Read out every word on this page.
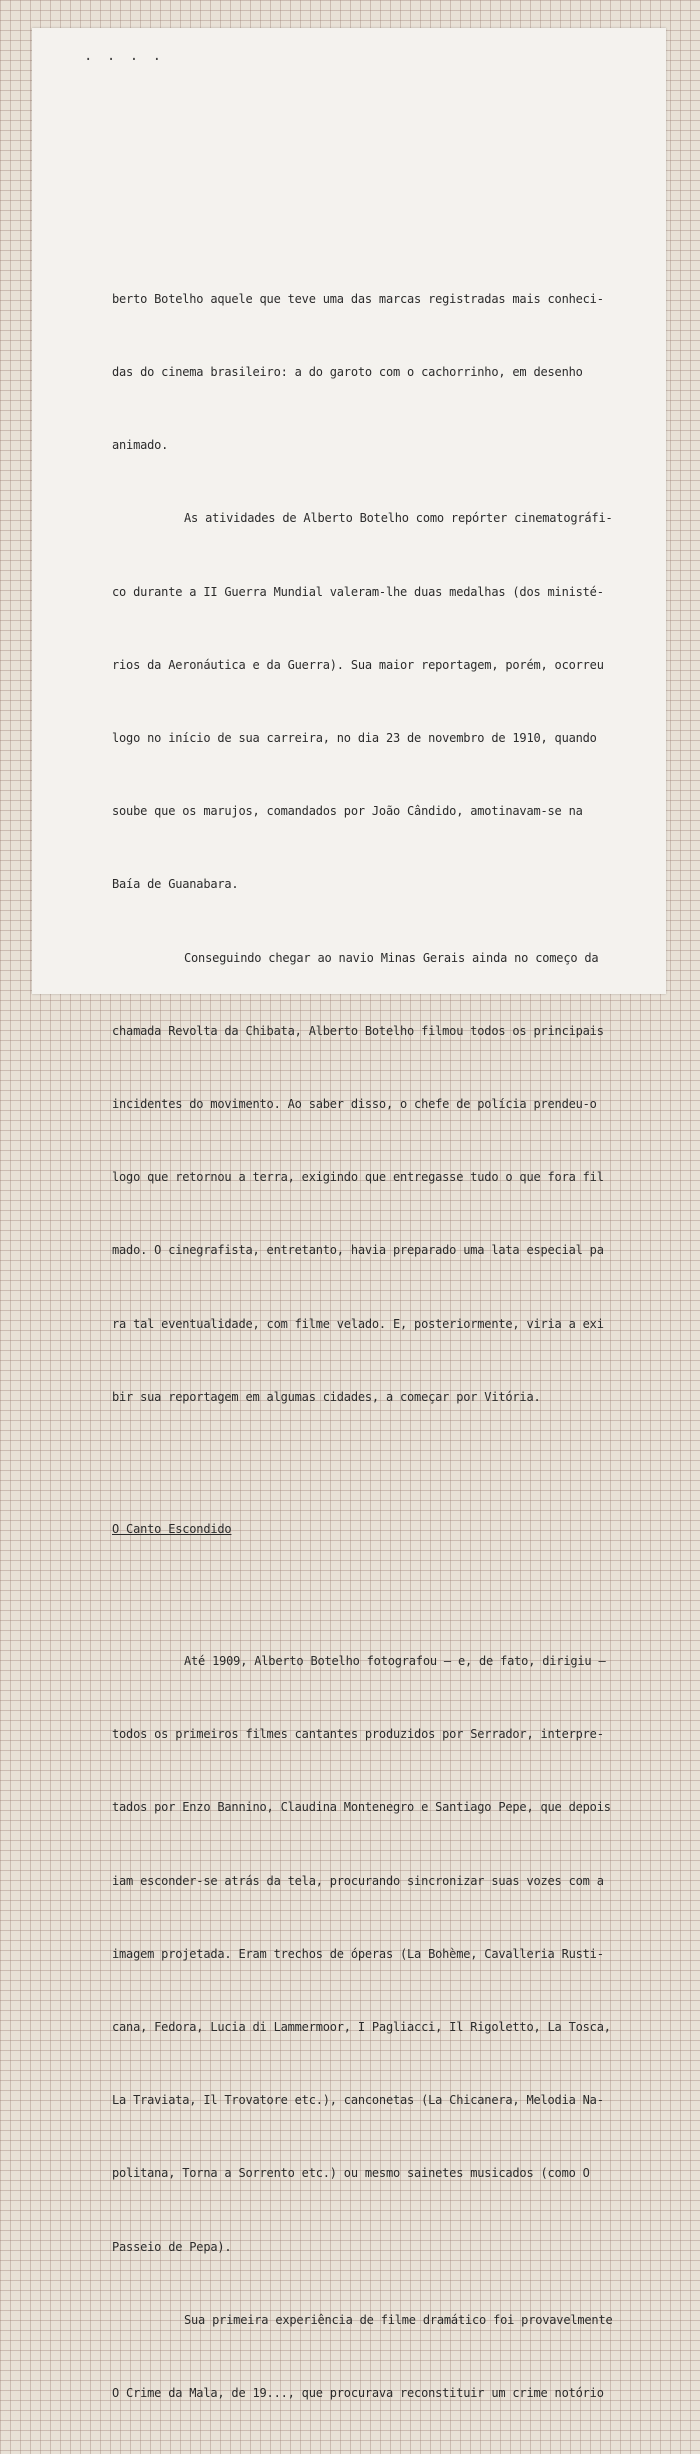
· · · ·

berto Botelho aquele que teve uma das marcas registradas mais conheci-

das do cinema brasileiro: a do garoto com o cachorrinho, em desenho

animado.

As atividades de Alberto Botelho como repórter cinematográfi-

co durante a II Guerra Mundial valeram-lhe duas medalhas (dos ministé-

rios da Aeronáutica e da Guerra). Sua maior reportagem, porém, ocorreu

logo no início de sua carreira, no dia 23 de novembro de 1910, quando

soube que os marujos, comandados por João Cândido, amotinavam-se na

Baía de Guanabara.

Conseguindo chegar ao navio Minas Gerais ainda no começo da

chamada Revolta da Chibata, Alberto Botelho filmou todos os principais

incidentes do movimento. Ao saber disso, o chefe de polícia prendeu-o

logo que retornou a terra, exigindo que entregasse tudo o que fora fil

mado. O cinegrafista, entretanto, havia preparado uma lata especial pa

ra tal eventualidade, com filme velado. E, posteriormente, viria a exi

bir sua reportagem em algumas cidades, a começar por Vitória.

O Canto Escondido

Até 1909, Alberto Botelho fotografou — e, de fato, dirigiu —

todos os primeiros filmes cantantes produzidos por Serrador, interpre-

tados por Enzo Bannino, Claudina Montenegro e Santiago Pepe, que depois

iam esconder-se atrás da tela, procurando sincronizar suas vozes com a

imagem projetada. Eram trechos de óperas (La Bohème, Cavalleria Rusti-

cana, Fedora, Lucia di Lammermoor, I Pagliacci, Il Rigoletto, La Tosca,

La Traviata, Il Trovatore etc.), canconetas (La Chicanera, Melodia Na-

politana, Torna a Sorrento etc.) ou mesmo sainetes musicados (como O

Passeio de Pepa).

Sua primeira experiência de filme dramático foi provavelmente

O Crime da Mala, de 19..., que procurava reconstituir um crime notório
